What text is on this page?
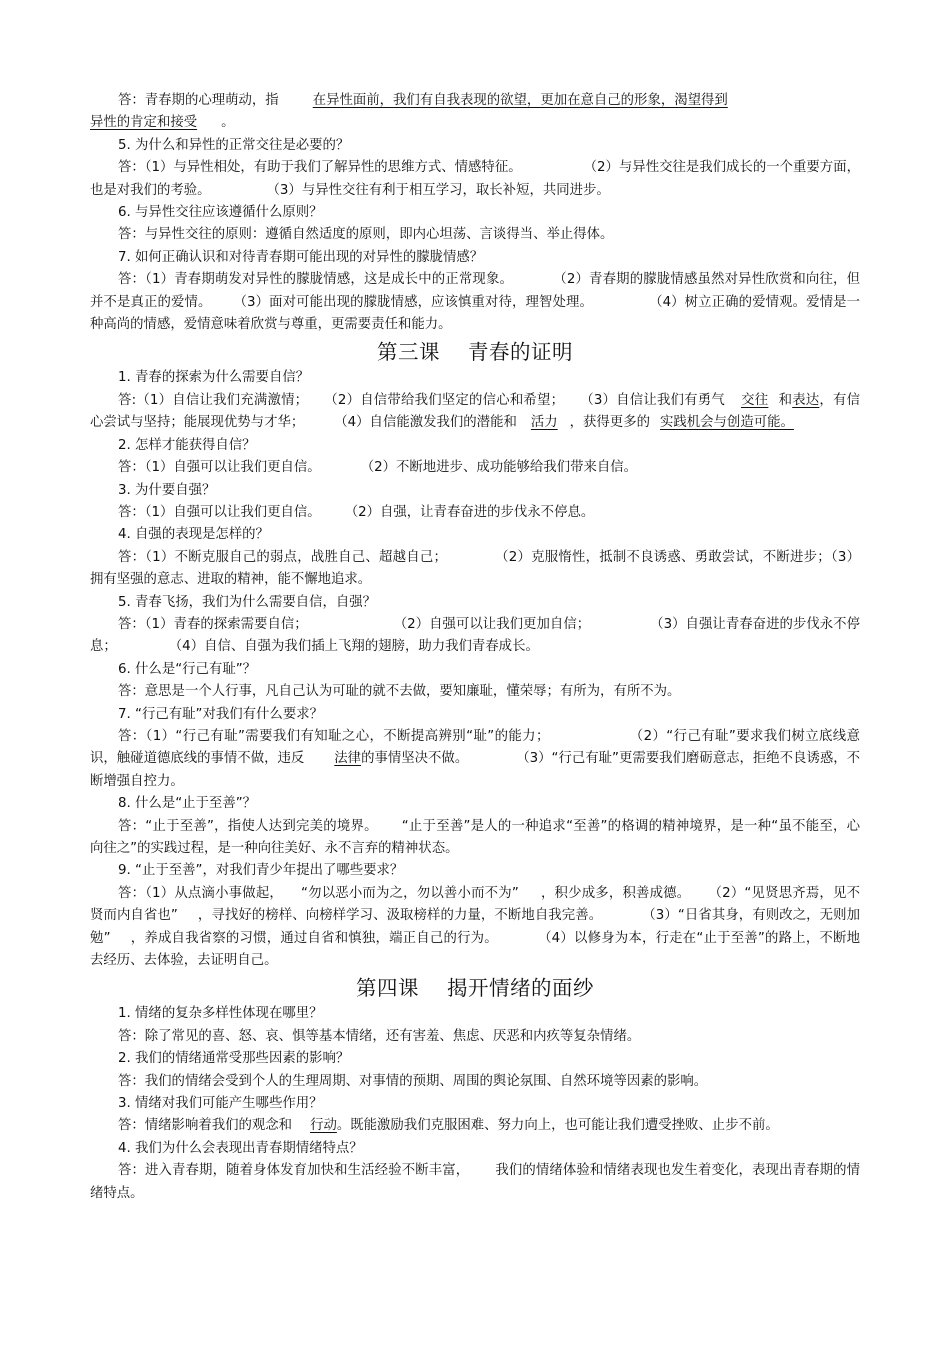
答：青春期的心理萌动，指	在异性面前，我们有自我表现的欲望，更加在意自己的形象，渴望得到

异性的肯定和接受 。

5. 为什么和异性的正常交往是必要的？

答：（1）与异性相处，有助于我们了解异性的思维方式、情感特征。	（2）与异性交往是我们成长的一个重要方面，也是对我们的考验。	（3）与异性交往有利于相互学习，取长补短，共同进步。

6. 与异性交往应该遵循什么原则？

答：与异性交往的原则：遵循自然适度的原则，即内心坦荡、言谈得当、举止得体。

7. 如何正确认识和对待青春期可能出现的对异性的朦胧情感？

答：（1）青春期萌发对异性的朦胧情感，这是成长中的正常现象。	（2）青春期的朦胧情感虽然对异性欣赏和向往，但并不是真正的爱情。 （3）面对可能出现的朦胧情感，应该慎重对待，理智处理。	（4）树立正确的爱情观。爱情是一种高尚的情感，爱情意味着欣赏与尊重，更需要责任和能力。

第三课　 青春的证明

1. 青春的探索为什么需要自信？

答:（1）自信让我们充满激情； （2）自信带给我们坚定的信心和希望； （3）自信让我们有勇气 交往 和表达，有信心尝试与坚持；能展现优势与才华； （4）自信能激发我们的潜能和 活力 ，获得更多的 实践机会与创造可能。

2. 怎样才能获得自信？

答：（1）自强可以让我们更自信。	（2）不断地进步、成功能够给我们带来自信。

3. 为什要自强？

答：（1）自强可以让我们更自信。 （2）自强，让青春奋进的步伐永不停息。

4. 自强的表现是怎样的？

答：（1）不断克服自己的弱点，战胜自己、超越自己；	（2）克服惰性，抵制不良诱惑、勇敢尝试，不断进步；（3）拥有坚强的意志、进取的精神，能不懈地追求。

5. 青春飞扬，我们为什么需要自信，自强？

答：（1）青春的探索需要自信；	（2）自强可以让我们更加自信；	（3）自强让青春奋进的步伐永不停息；	（4）自信、自强为我们插上飞翔的翅膀，助力我们青春成长。

6. 什么是“行己有耻”？

答：意思是一个人行事，凡自己认为可耻的就不去做，要知廉耻，懂荣辱；有所为，有所不为。

7. “行己有耻”对我们有什么要求？

答：（1）“行己有耻”需要我们有知耻之心，不断提高辨别“耻”的能力；	（2）“行己有耻”要求我们树立底线意识，触碰道德底线的事情不做，违反 法律的事情坚决不做。	（3）“行己有耻”更需要我们磨砺意志，拒绝不良诱惑，不断增强自控力。

8. 什么是“止于至善”？

答：“止于至善”，指使人达到完美的境界。 “止于至善”是人的一种追求“至善”的格调的精神境界，是一种“虽不能至，心向往之”的实践过程，是一种向往美好、永不言弃的精神状态。

9. “止于至善”，对我们青少年提出了哪些要求？

答：（1）从点滴小事做起， “勿以恶小而为之，勿以善小而不为” ，积少成多，积善成德。 （2）“见贤思齐焉，见不贤而内自省也” ，寻找好的榜样、向榜样学习、汲取榜样的力量，不断地自我完善。	（3）“日省其身，有则改之，无则加勉” ，养成自我省察的习惯，通过自省和慎独，端正自己的行为。	（4）以修身为本，行走在“止于至善”的路上，不断地去经历、去体验，去证明自己。

第四课　 揭开情绪的面纱

1. 情绪的复杂多样性体现在哪里？

答：除了常见的喜、怒、哀、惧等基本情绪，还有害羞、焦虑、厌恶和内疚等复杂情绪。

2. 我们的情绪通常受那些因素的影响？

答：我们的情绪会受到个人的生理周期、对事情的预期、周围的舆论氛围、自然环境等因素的影响。

3. 情绪对我们可能产生哪些作用？

答：情绪影响着我们的观念和 行动。既能激励我们克服困难、努力向上，也可能让我们遭受挫败、止步不前。

4. 我们为什么会表现出青春期情绪特点？

答：进入青春期，随着身体发育加快和生活经验不断丰富， 我们的情绪体验和情绪表现也发生着变化，表现出青春期的情绪特点。
